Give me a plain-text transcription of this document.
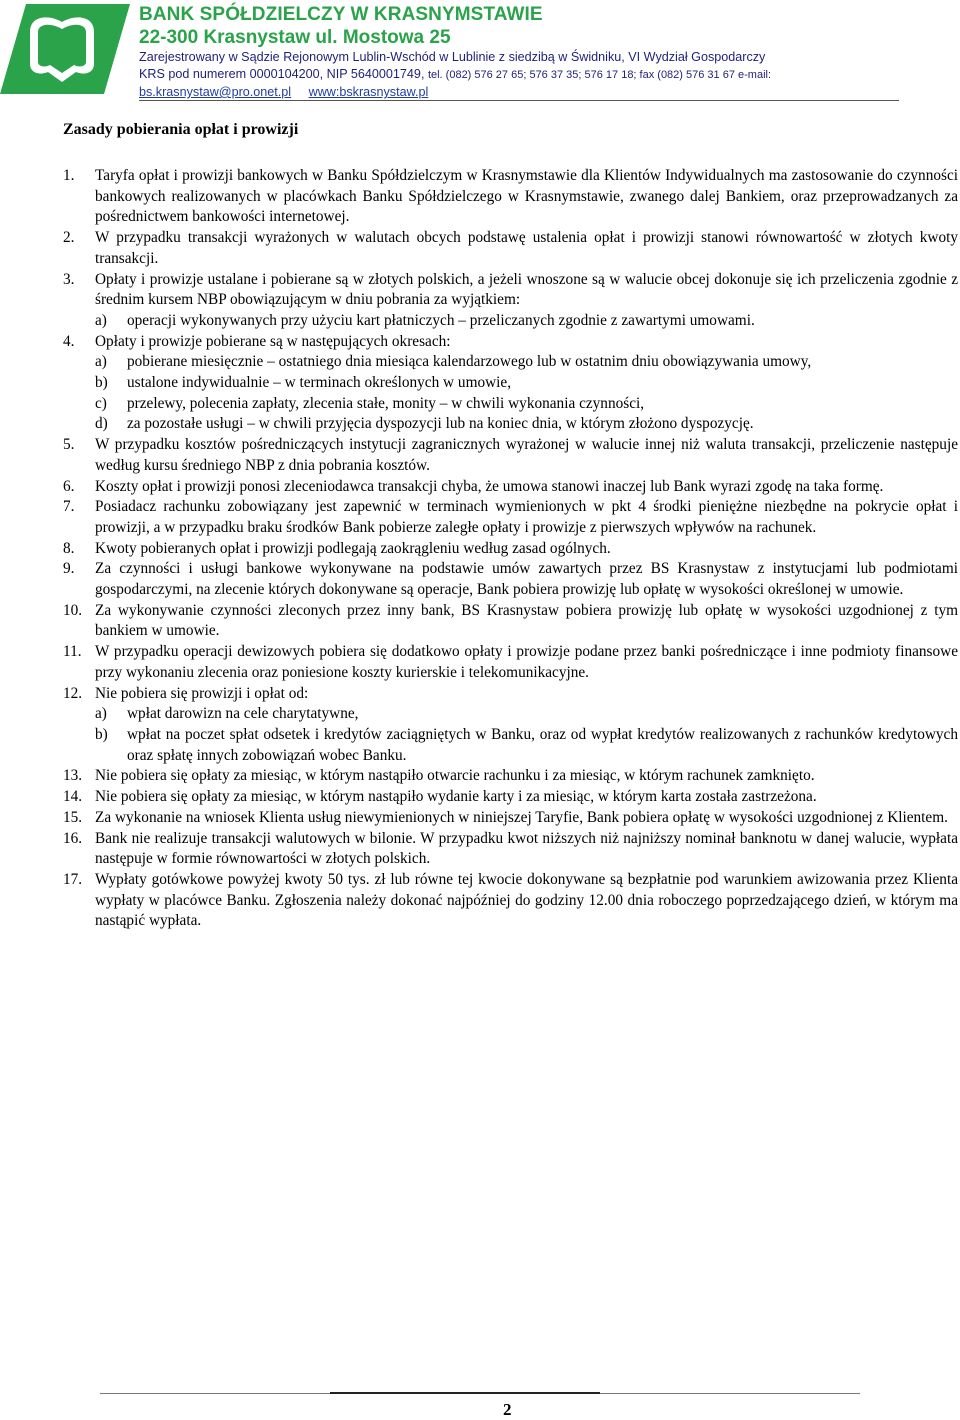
BANK SPÓŁDZIELCZY W KRASNYMSTAWIE
22-300 Krasnystaw ul. Mostowa 25
Zarejestrowany w Sądzie Rejonowym Lublin-Wschód w Lublinie z siedzibą w Świdniku, VI Wydział Gospodarczy
KRS pod numerem 0000104200, NIP 5640001749, tel. (082) 576 27 65; 576 37 35; 576 17 18; fax (082) 576 31 67 e-mail:
bs.krasnystaw@pro.onet.pl www:bskrasnystaw.pl
Zasady pobierania opłat i prowizji
1. Taryfa opłat i prowizji bankowych w Banku Spółdzielczym w Krasnymstawie dla Klientów Indywidualnych ma zastosowanie do czynności bankowych realizowanych w placówkach Banku Spółdzielczego w Krasnymstawie, zwanego dalej Bankiem, oraz przeprowadzanych za pośrednictwem bankowości internetowej.
2. W przypadku transakcji wyrażonych w walutach obcych podstawę ustalenia opłat i prowizji stanowi równowartość w złotych kwoty transakcji.
3. Opłaty i prowizje ustalane i pobierane są w złotych polskich, a jeżeli wnoszone są w walucie obcej dokonuje się ich przeliczenia zgodnie z średnim kursem NBP obowiązującym w dniu pobrania za wyjątkiem:
a) operacji wykonywanych przy użyciu kart płatniczych – przeliczanych zgodnie z zawartymi umowami.
4. Opłaty i prowizje pobierane są w następujących okresach:
a) pobierane miesięcznie – ostatniego dnia miesiąca kalendarzowego lub w ostatnim dniu obowiązywania umowy,
b) ustalone indywidualnie – w terminach określonych w umowie,
c) przelewy, polecenia zapłaty, zlecenia stałe, monity – w chwili wykonania czynności,
d) za pozostałe usługi – w chwili przyjęcia dyspozycji lub na koniec dnia, w którym złożono dyspozycję.
5. W przypadku kosztów pośredniczących instytucji zagranicznych wyrażonej w walucie innej niż waluta transakcji, przeliczenie następuje według kursu średniego NBP z dnia pobrania kosztów.
6. Koszty opłat i prowizji ponosi zleceniodawca transakcji chyba, że umowa stanowi inaczej lub Bank wyrazi zgodę na taka formę.
7. Posiadacz rachunku zobowiązany jest zapewnić w terminach wymienionych w pkt 4 środki pieniężne niezbędne na pokrycie opłat i prowizji, a w przypadku braku środków Bank pobierze zaległe opłaty i prowizje z pierwszych wpływów na rachunek.
8. Kwoty pobieranych opłat i prowizji podlegają zaokrągleniu według zasad ogólnych.
9. Za czynności i usługi bankowe wykonywane na podstawie umów zawartych przez BS Krasnystaw z instytucjami lub podmiotami gospodarczymi, na zlecenie których dokonywane są operacje, Bank pobiera prowizję lub opłatę w wysokości określonej w umowie.
10. Za wykonywanie czynności zleconych przez inny bank, BS Krasnystaw pobiera prowizję lub opłatę w wysokości uzgodnionej z tym bankiem w umowie.
11. W przypadku operacji dewizowych pobiera się dodatkowo opłaty i prowizje podane przez banki pośredniczące i inne podmioty finansowe przy wykonaniu zlecenia oraz poniesione koszty kurierskie i telekomunikacyjne.
12. Nie pobiera się prowizji i opłat od:
a) wpłat darowizn na cele charytatywne,
b) wpłat na poczet spłat odsetek i kredytów zaciągniętych w Banku, oraz od wypłat kredytów realizowanych z rachunków kredytowych oraz spłatę innych zobowiązań wobec Banku.
13. Nie pobiera się opłaty za miesiąc, w którym nastąpiło otwarcie rachunku i za miesiąc, w którym rachunek zamknięto.
14. Nie pobiera się opłaty za miesiąc, w którym nastąpiło wydanie karty i za miesiąc, w którym karta została zastrzeżona.
15. Za wykonanie na wniosek Klienta usług niewymienionych w niniejszej Taryfie, Bank pobiera opłatę w wysokości uzgodnionej z Klientem.
16. Bank nie realizuje transakcji walutowych w bilonie. W przypadku kwot niższych niż najniższy nominał banknotu w danej walucie, wypłata następuje w formie równowartości w złotych polskich.
17. Wypłaty gotówkowe powyżej kwoty 50 tys. zł lub równe tej kwocie dokonywane są bezpłatnie pod warunkiem awizowania przez Klienta wypłaty w placówce Banku. Zgłoszenia należy dokonać najpóźniej do godziny 12.00 dnia roboczego poprzedzającego dzień, w którym ma nastąpić wypłata.
2
